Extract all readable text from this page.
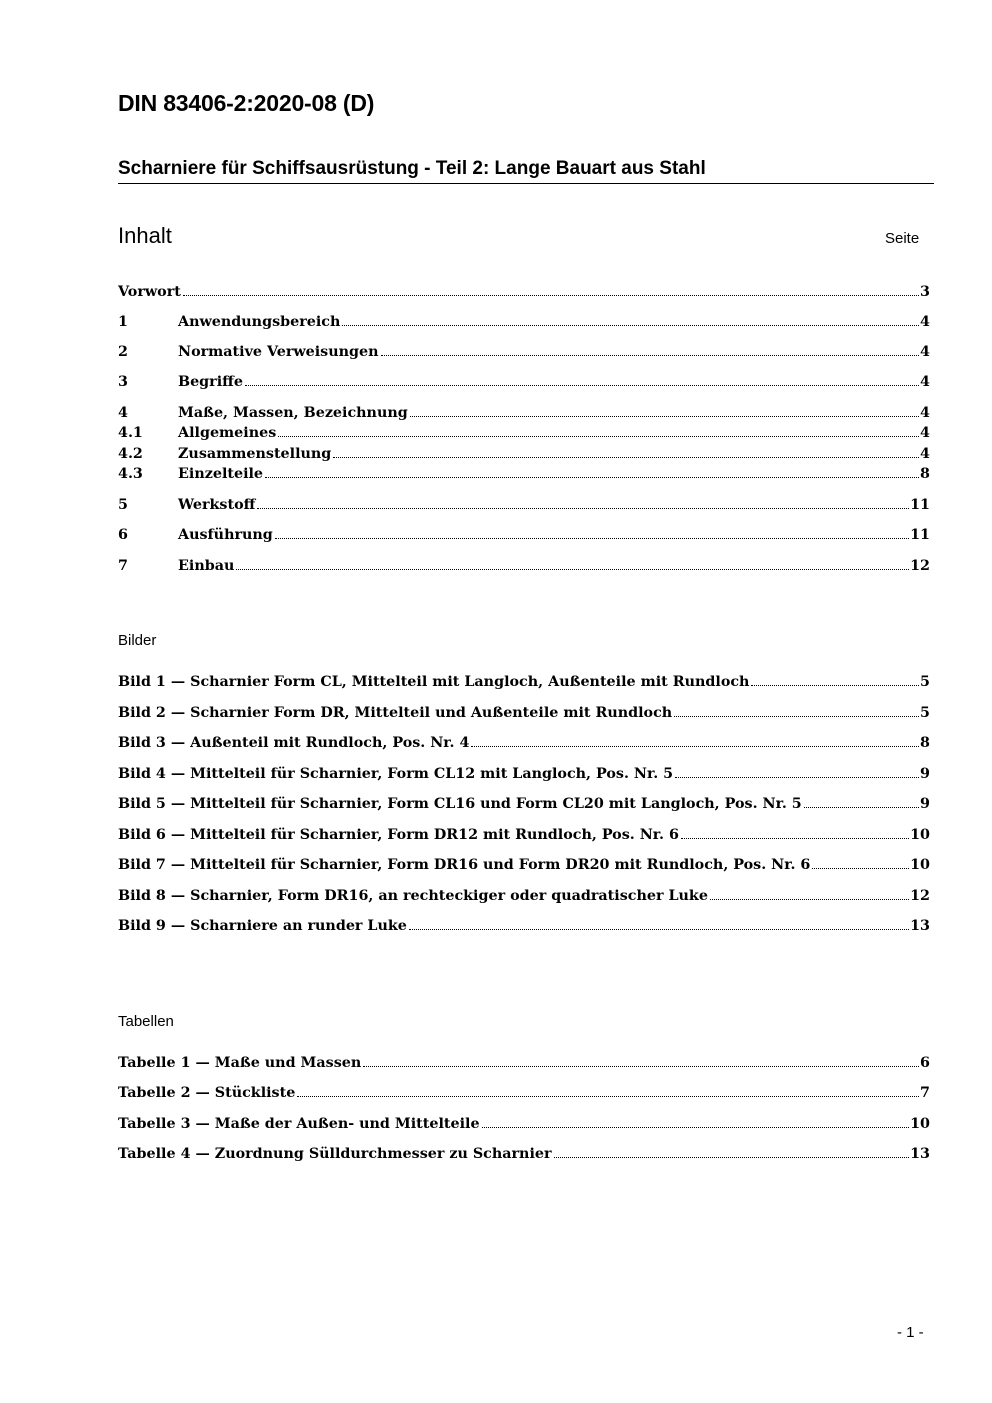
DIN 83406-2:2020-08 (D)
Scharniere für Schiffsausrüstung - Teil 2: Lange Bauart aus Stahl
Inhalt	Seite
Vorwort	3
1	Anwendungsbereich	4
2	Normative Verweisungen	4
3	Begriffe	4
4	Maße, Massen, Bezeichnung	4
4.1	Allgemeines	4
4.2	Zusammenstellung	4
4.3	Einzelteile	8
5	Werkstoff	11
6	Ausführung	11
7	Einbau	12
Bilder
Bild 1 — Scharnier Form CL, Mittelteil mit Langloch, Außenteile mit Rundloch	5
Bild 2 — Scharnier Form DR, Mittelteil und Außenteile mit Rundloch	5
Bild 3 — Außenteil mit Rundloch, Pos. Nr. 4	8
Bild 4 — Mittelteil für Scharnier, Form CL12 mit Langloch, Pos. Nr. 5	9
Bild 5 — Mittelteil für Scharnier, Form CL16 und Form CL20 mit Langloch, Pos. Nr. 5	9
Bild 6 — Mittelteil für Scharnier, Form DR12 mit Rundloch, Pos. Nr. 6	10
Bild 7 — Mittelteil für Scharnier, Form DR16 und Form DR20 mit Rundloch, Pos. Nr. 6	10
Bild 8 — Scharnier, Form DR16, an rechteckiger oder quadratischer Luke	12
Bild 9 — Scharniere an runder Luke	13
Tabellen
Tabelle 1 — Maße und Massen	6
Tabelle 2 — Stückliste	7
Tabelle 3 — Maße der Außen- und Mittelteile	10
Tabelle 4 — Zuordnung Sülldurchmesser zu Scharnier	13
- 1 -
